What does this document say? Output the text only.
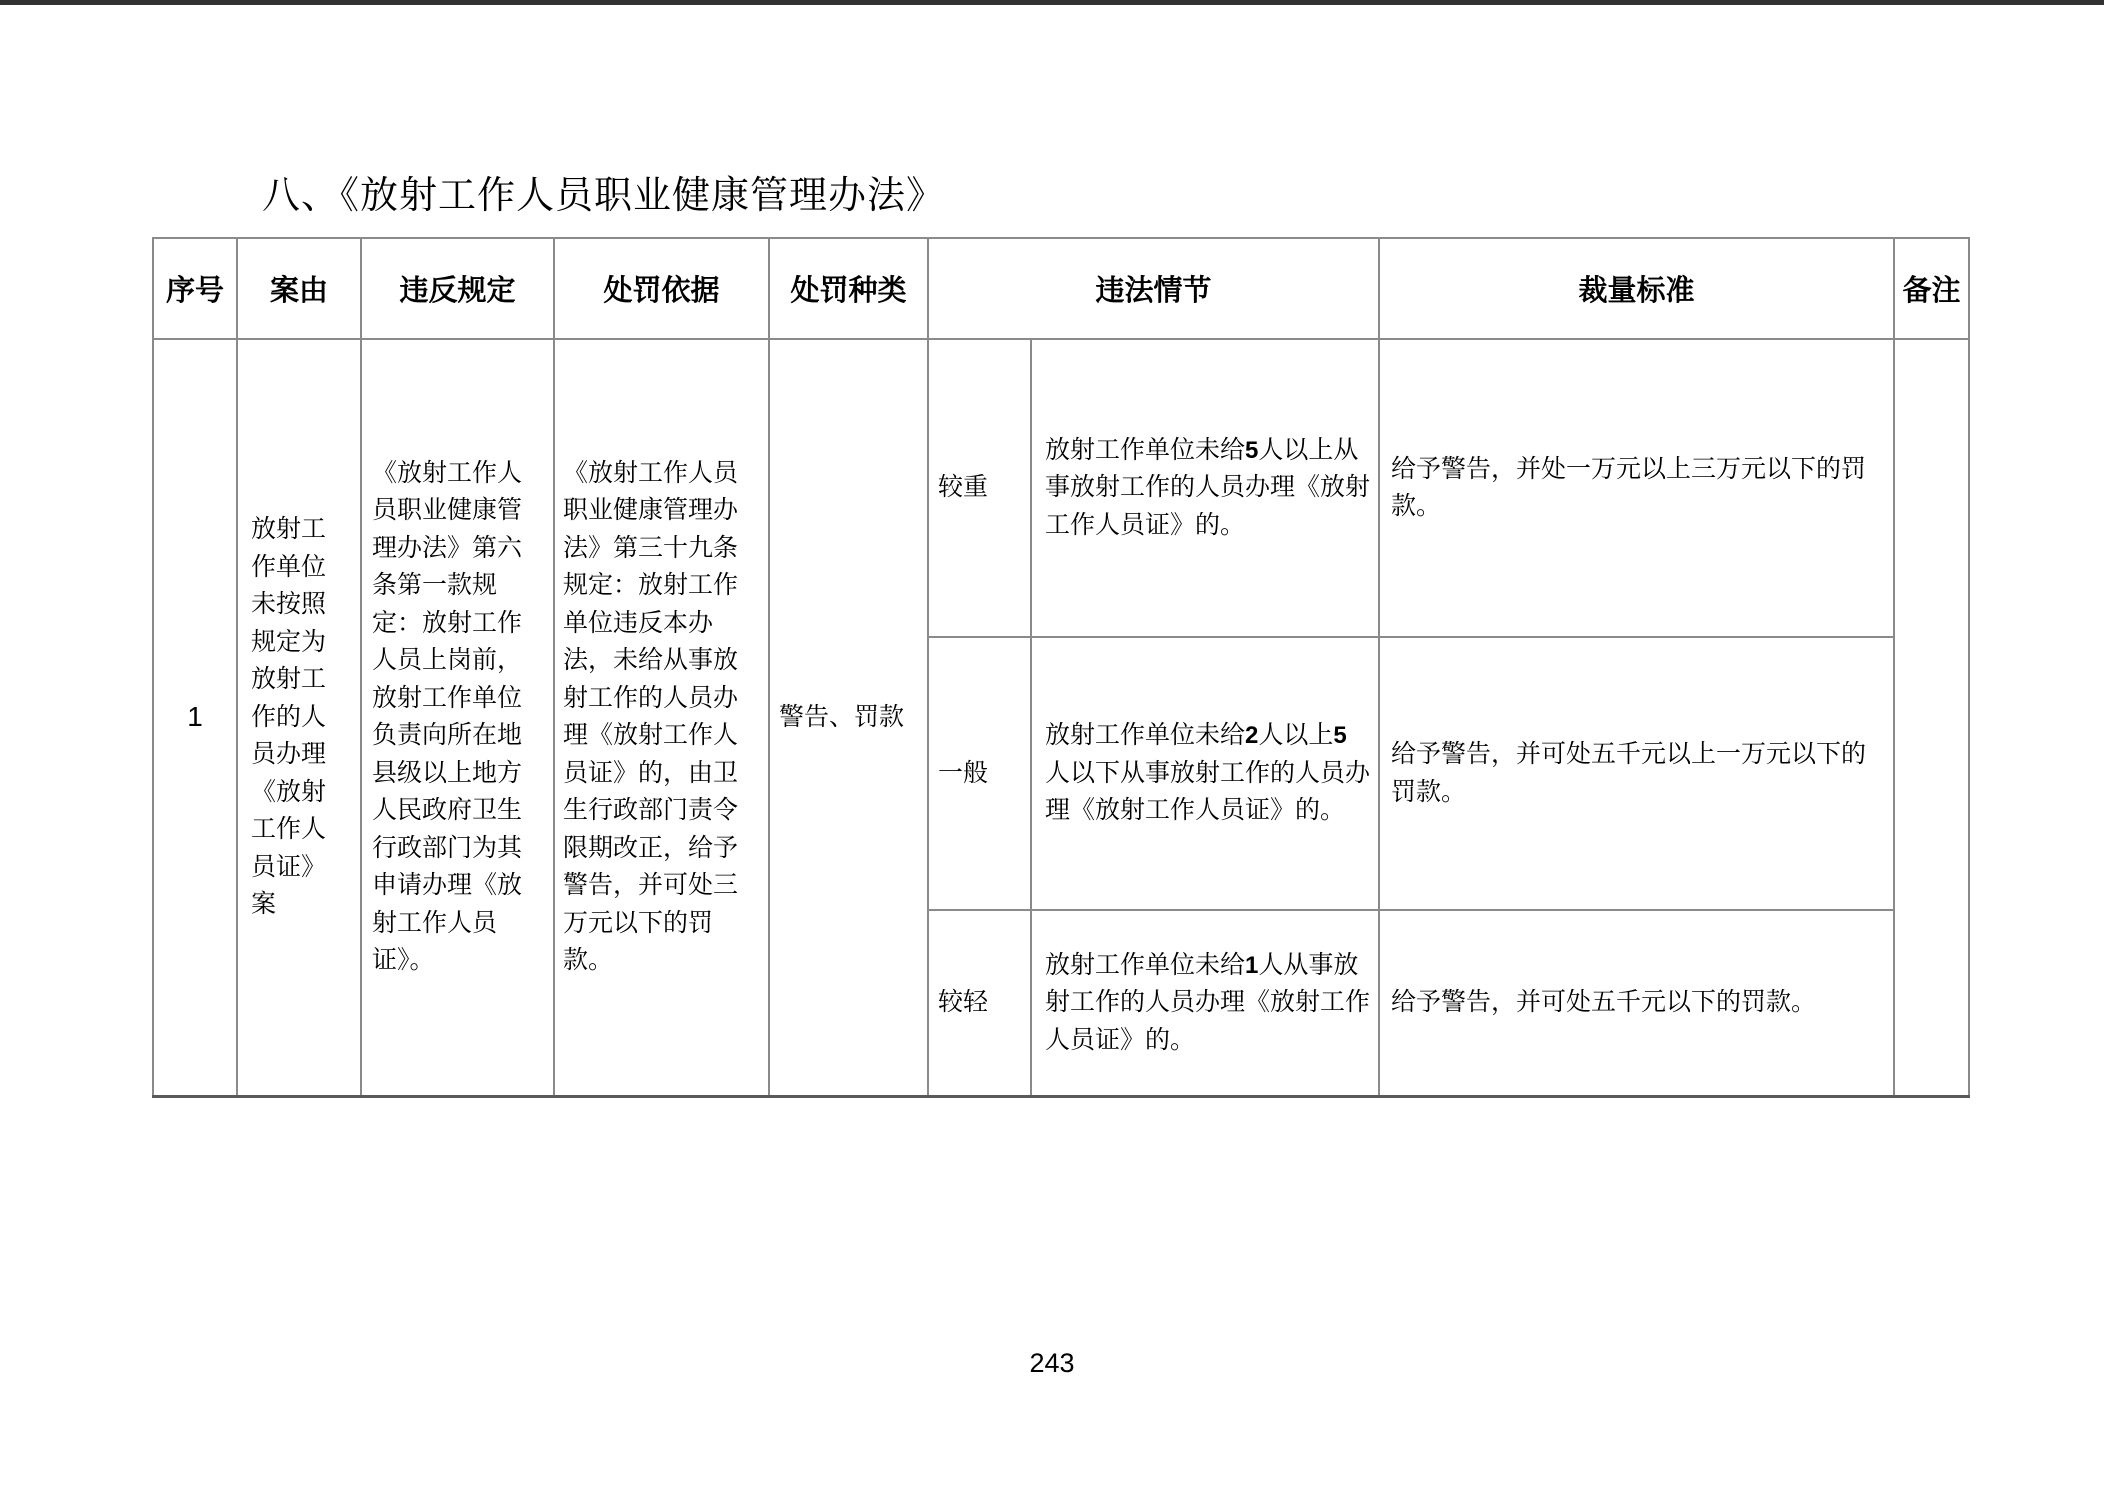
八、《放射工作人员职业健康管理办法》
序号	案由	违反规定	处罚依据	处罚种类	违法情节		裁量标准	备注
1	放射工作单位未按照规定为放射工作的人员办理《放射工作人员证》案	《放射工作人员职业健康管理办法》第六条第一款规定：放射工作人员上岗前，放射工作单位负责向所在地县级以上地方人民政府卫生行政部门为其申请办理《放射工作人员证》。	《放射工作人员职业健康管理办法》第三十九条规定：放射工作单位违反本办法，未给从事放射工作的人员办理《放射工作人员证》的，由卫生行政部门责令限期改正，给予警告，并可处三万元以下的罚款。	警告、罚款	较重	放射工作单位未给5人以上从事放射工作的人员办理《放射工作人员证》的。	给予警告，并处一万元以上三万元以下的罚款。	
					一般	放射工作单位未给2人以上5人以下从事放射工作的人员办理《放射工作人员证》的。	给予警告，并可处五千元以上一万元以下的罚款。	
					较轻	放射工作单位未给1人从事放射工作的人员办理《放射工作人员证》的。	给予警告，并可处五千元以下的罚款。	
243
